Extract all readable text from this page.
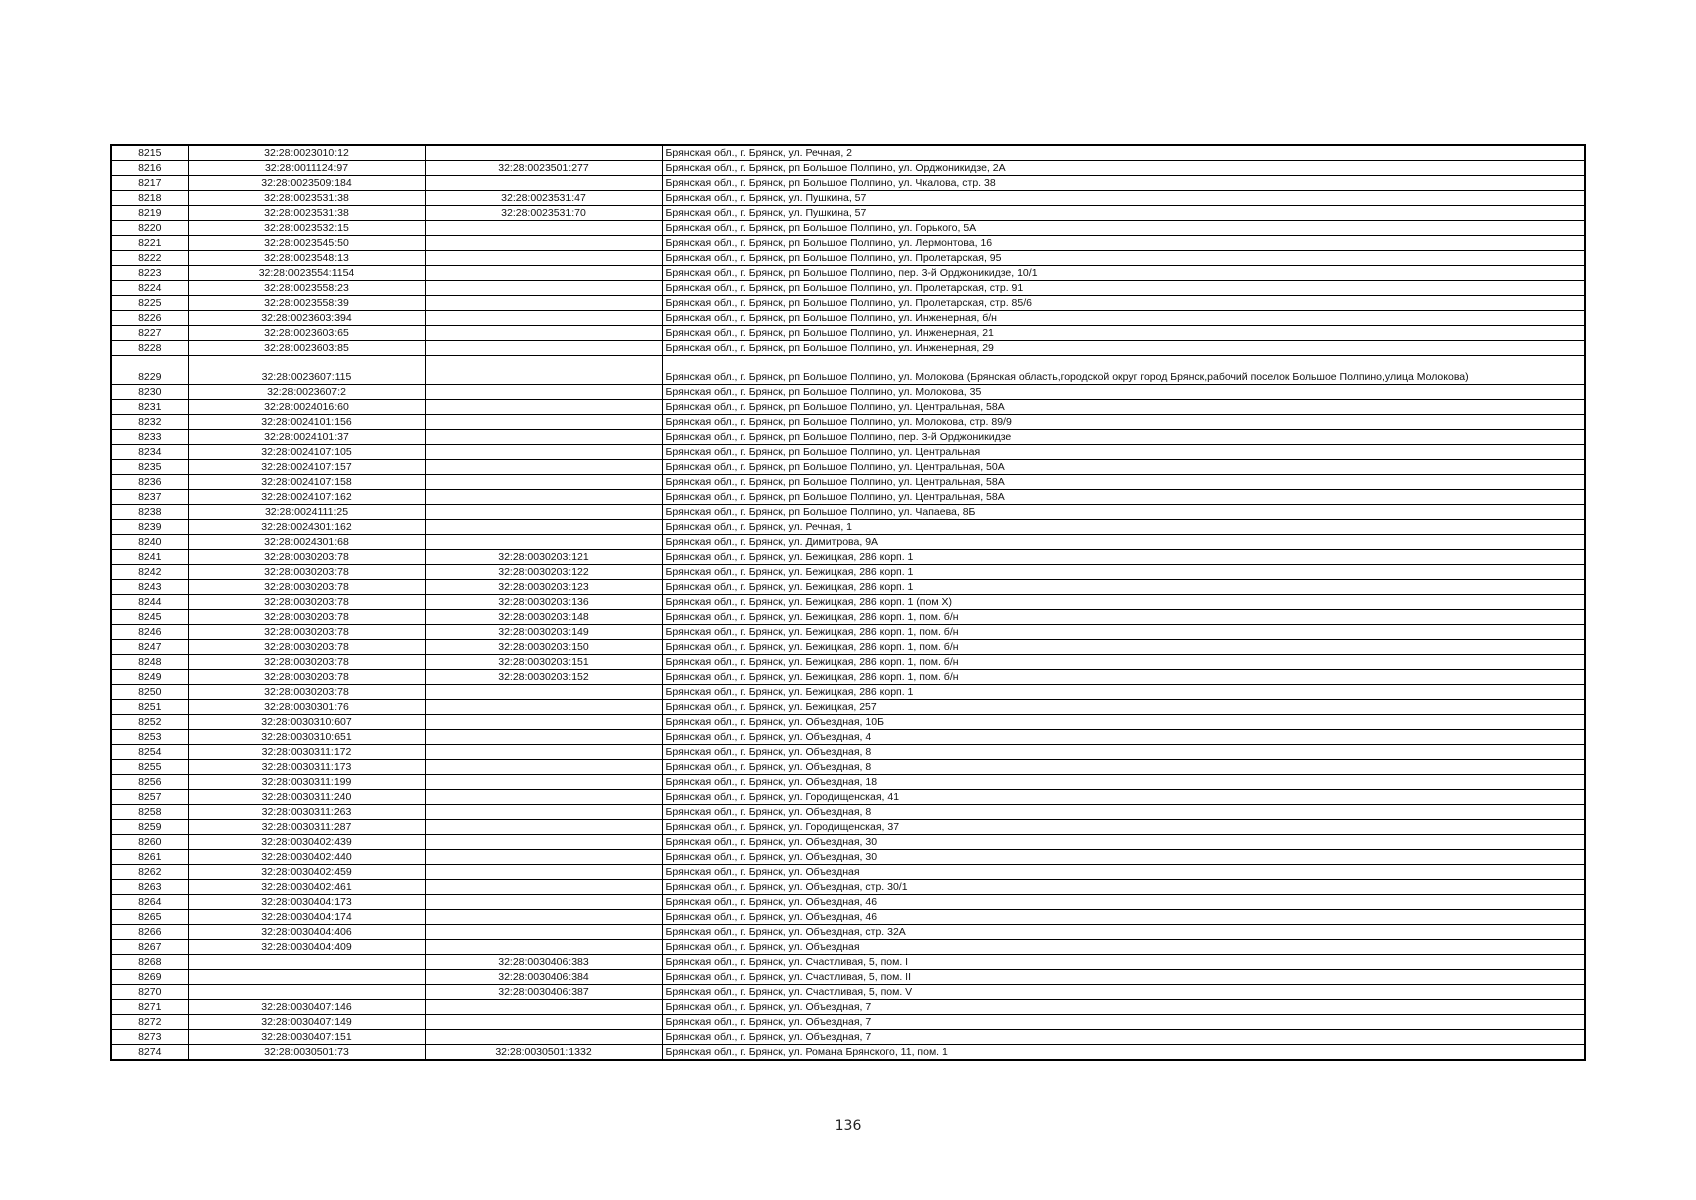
8215	32:28:0023010:12		Брянская обл., г. Брянск, ул. Речная, 2
8216	32:28:0011124:97	32:28:0023501:277	Брянская обл., г. Брянск, рп Большое Полпино, ул. Орджоникидзе, 2А
8217	32:28:0023509:184		Брянская обл., г. Брянск, рп Большое Полпино, ул. Чкалова, стр. 38
8218	32:28:0023531:38	32:28:0023531:47	Брянская обл., г. Брянск, ул. Пушкина, 57
8219	32:28:0023531:38	32:28:0023531:70	Брянская обл., г. Брянск, ул. Пушкина, 57
8220	32:28:0023532:15		Брянская обл., г. Брянск, рп Большое Полпино, ул. Горького, 5А
8221	32:28:0023545:50		Брянская обл., г. Брянск, рп Большое Полпино, ул. Лермонтова, 16
8222	32:28:0023548:13		Брянская обл., г. Брянск, рп Большое Полпино, ул. Пролетарская, 95
8223	32:28:0023554:1154		Брянская обл., г. Брянск, рп Большое Полпино, пер. 3-й Орджоникидзе, 10/1
8224	32:28:0023558:23		Брянская обл., г. Брянск, рп Большое Полпино, ул. Пролетарская, стр. 91
8225	32:28:0023558:39		Брянская обл., г. Брянск, рп Большое Полпино, ул. Пролетарская, стр. 85/6
8226	32:28:0023603:394		Брянская обл., г. Брянск, рп Большое Полпино, ул. Инженерная, б/н
8227	32:28:0023603:65		Брянская обл., г. Брянск, рп Большое Полпино, ул. Инженерная, 21
8228	32:28:0023603:85		Брянская обл., г. Брянск, рп Большое Полпино, ул. Инженерная, 29
8229	32:28:0023607:115		Брянская обл., г. Брянск, рп Большое Полпино, ул. Молокова (Брянская область,городской округ город Брянск,рабочий поселок Большое Полпино,улица Молокова)
8230	32:28:0023607:2		Брянская обл., г. Брянск, рп Большое Полпино, ул. Молокова, 35
8231	32:28:0024016:60		Брянская обл., г. Брянск, рп Большое Полпино, ул. Центральная, 58А
8232	32:28:0024101:156		Брянская обл., г. Брянск, рп Большое Полпино, ул. Молокова, стр. 89/9
8233	32:28:0024101:37		Брянская обл., г. Брянск, рп Большое Полпино, пер. 3-й Орджоникидзе
8234	32:28:0024107:105		Брянская обл., г. Брянск, рп Большое Полпино, ул. Центральная
8235	32:28:0024107:157		Брянская обл., г. Брянск, рп Большое Полпино, ул. Центральная, 50А
8236	32:28:0024107:158		Брянская обл., г. Брянск, рп Большое Полпино, ул. Центральная, 58А
8237	32:28:0024107:162		Брянская обл., г. Брянск, рп Большое Полпино, ул. Центральная, 58А
8238	32:28:0024111:25		Брянская обл., г. Брянск, рп Большое Полпино, ул. Чапаева, 8Б
8239	32:28:0024301:162		Брянская обл., г. Брянск, ул. Речная, 1
8240	32:28:0024301:68		Брянская обл., г. Брянск, ул. Димитрова, 9А
8241	32:28:0030203:78	32:28:0030203:121	Брянская обл., г. Брянск, ул. Бежицкая, 286 корп. 1
8242	32:28:0030203:78	32:28:0030203:122	Брянская обл., г. Брянск, ул. Бежицкая, 286 корп. 1
8243	32:28:0030203:78	32:28:0030203:123	Брянская обл., г. Брянск, ул. Бежицкая, 286 корп. 1
8244	32:28:0030203:78	32:28:0030203:136	Брянская обл., г. Брянск, ул. Бежицкая, 286 корп. 1 (пом X)
8245	32:28:0030203:78	32:28:0030203:148	Брянская обл., г. Брянск, ул. Бежицкая, 286 корп. 1, пом. б/н
8246	32:28:0030203:78	32:28:0030203:149	Брянская обл., г. Брянск, ул. Бежицкая, 286 корп. 1, пом. б/н
8247	32:28:0030203:78	32:28:0030203:150	Брянская обл., г. Брянск, ул. Бежицкая, 286 корп. 1, пом. б/н
8248	32:28:0030203:78	32:28:0030203:151	Брянская обл., г. Брянск, ул. Бежицкая, 286 корп. 1, пом. б/н
8249	32:28:0030203:78	32:28:0030203:152	Брянская обл., г. Брянск, ул. Бежицкая, 286 корп. 1, пом. б/н
8250	32:28:0030203:78		Брянская обл., г. Брянск, ул. Бежицкая, 286 корп. 1
8251	32:28:0030301:76		Брянская обл., г. Брянск, ул. Бежицкая, 257
8252	32:28:0030310:607		Брянская обл., г. Брянск, ул. Объездная, 10Б
8253	32:28:0030310:651		Брянская обл., г. Брянск, ул. Объездная, 4
8254	32:28:0030311:172		Брянская обл., г. Брянск, ул. Объездная, 8
8255	32:28:0030311:173		Брянская обл., г. Брянск, ул. Объездная, 8
8256	32:28:0030311:199		Брянская обл., г. Брянск, ул. Объездная, 18
8257	32:28:0030311:240		Брянская обл., г. Брянск, ул. Городищенская, 41
8258	32:28:0030311:263		Брянская обл., г. Брянск, ул. Объездная, 8
8259	32:28:0030311:287		Брянская обл., г. Брянск, ул. Городищенская, 37
8260	32:28:0030402:439		Брянская обл., г. Брянск, ул. Объездная, 30
8261	32:28:0030402:440		Брянская обл., г. Брянск, ул. Объездная, 30
8262	32:28:0030402:459		Брянская обл., г. Брянск, ул. Объездная
8263	32:28:0030402:461		Брянская обл., г. Брянск, ул. Объездная, стр. 30/1
8264	32:28:0030404:173		Брянская обл., г. Брянск, ул. Объездная, 46
8265	32:28:0030404:174		Брянская обл., г. Брянск, ул. Объездная, 46
8266	32:28:0030404:406		Брянская обл., г. Брянск, ул. Объездная, стр. 32А
8267	32:28:0030404:409		Брянская обл., г. Брянск, ул. Объездная
8268		32:28:0030406:383	Брянская обл., г. Брянск, ул. Счастливая, 5, пом. I
8269		32:28:0030406:384	Брянская обл., г. Брянск, ул. Счастливая, 5, пом. II
8270		32:28:0030406:387	Брянская обл., г. Брянск, ул. Счастливая, 5, пом. V
8271	32:28:0030407:146		Брянская обл., г. Брянск, ул. Объездная, 7
8272	32:28:0030407:149		Брянская обл., г. Брянск, ул. Объездная, 7
8273	32:28:0030407:151		Брянская обл., г. Брянск, ул. Объездная, 7
8274	32:28:0030501:73	32:28:0030501:1332	Брянская обл., г. Брянск, ул. Романа Брянского, 11, пом. 1
136
